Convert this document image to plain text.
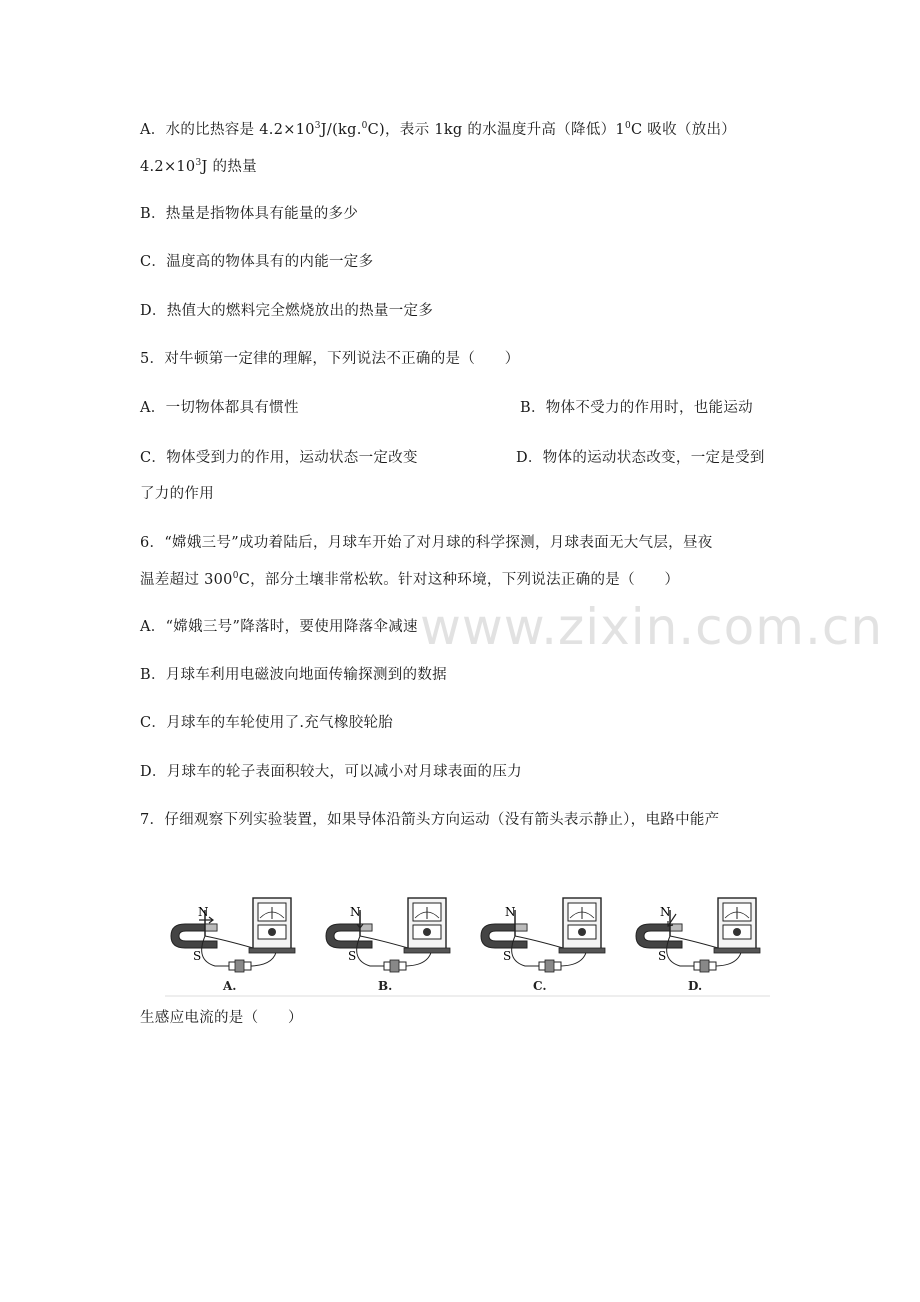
A．水的比热容是 $4.2\times 10^3J/(kg.^0C)$，表示 1kg 的水温度升高（降低）$1^0C$ 吸收（放出）
$4.2\times 10^3J$ 的热量
B．热量是指物体具有能量的多少
C．温度高的物体具有的内能一定多
D．热值大的燃料完全燃烧放出的热量一定多
5．对牛顿第一定律的理解，下列说法不正确的是（　　）
A．一切物体都具有惯性	B．物体不受力的作用时，也能运动
C．物体受到力的作用，运动状态一定改变	D．物体的运动状态改变，一定是受到
了力的作用
6．“嫦娥三号”成功着陆后，月球车开始了对月球的科学探测，月球表面无大气层，昼夜
温差超过 $300^0C$，部分土壤非常松软。针对这种环境，下列说法正确的是（　　）
A．“嫦娥三号”降落时，要使用降落伞减速
B．月球车利用电磁波向地面传输探测到的数据
C．月球车的车轮使用了.充气橡胶轮胎
D．月球车的轮子表面积较大，可以减小对月球表面的压力
7．仔细观察下列实验装置，如果导体沿箭头方向运动（没有箭头表示静止），电路中能产
N
S
A.
N
S
B.
N
S
C.
N
S
D.
生感应电流的是（　　）
www.zixin.com.cn
